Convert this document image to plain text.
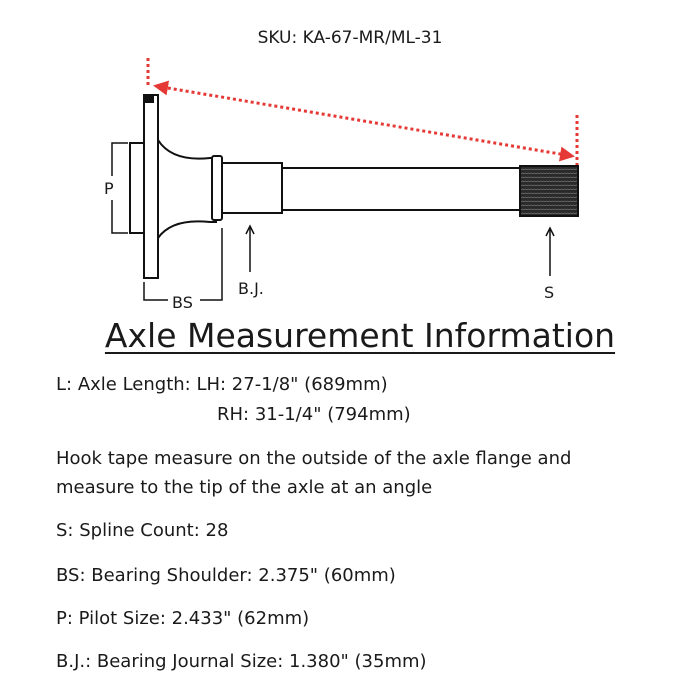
SKU: KA-67-MR/ML-31
P
BS
B.J.	S
Axle Measurement Information
L: Axle Length: LH: 27-1/8" (689mm)
RH: 31-1/4" (794mm)
Hook tape measure on the outside of the axle flange and
measure to the tip of the axle at an angle
S: Spline Count: 28
BS: Bearing Shoulder: 2.375" (60mm)
P: Pilot Size: 2.433" (62mm)
B.J.: Bearing Journal Size: 1.380" (35mm)
